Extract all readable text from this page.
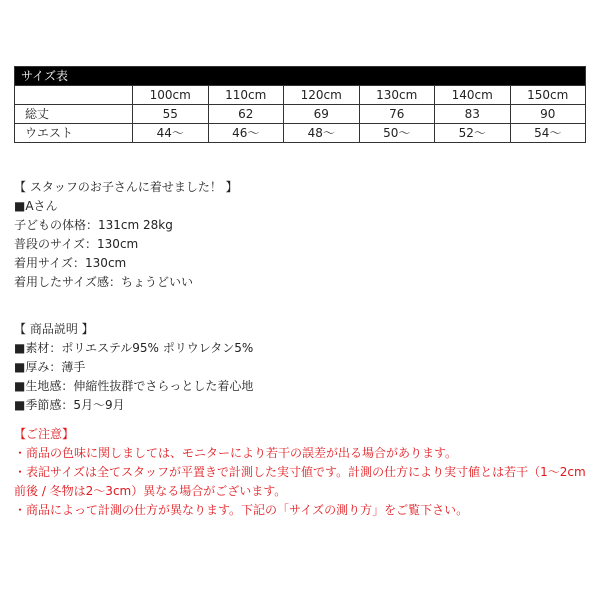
サイズ表						
	100cm	110cm	120cm	130cm	140cm	150cm
総丈	55	62	69	76	83	90
ウエスト	44～	46～	48～	50～	52～	54～
【 スタッフのお子さんに着せました！ 】
■Aさん
子どもの体格：131cm 28kg
普段のサイズ：130cm
着用サイズ：130cm
着用したサイズ感：ちょうどいい
【 商品説明 】
■素材：ポリエステル95% ポリウレタン5%
■厚み：薄手
■生地感：伸縮性抜群でさらっとした着心地
■季節感：5月～9月
【ご注意】
・商品の色味に関しましては、モニターにより若干の誤差が出る場合があります。
・表記サイズは全てスタッフが平置きで計測した実寸値です。計測の仕方により実寸値とは若干（1～2cm前後 / 冬物は2～3cm）異なる場合がございます。
・商品によって計測の仕方が異なります。下記の「サイズの測り方」をご覧下さい。
